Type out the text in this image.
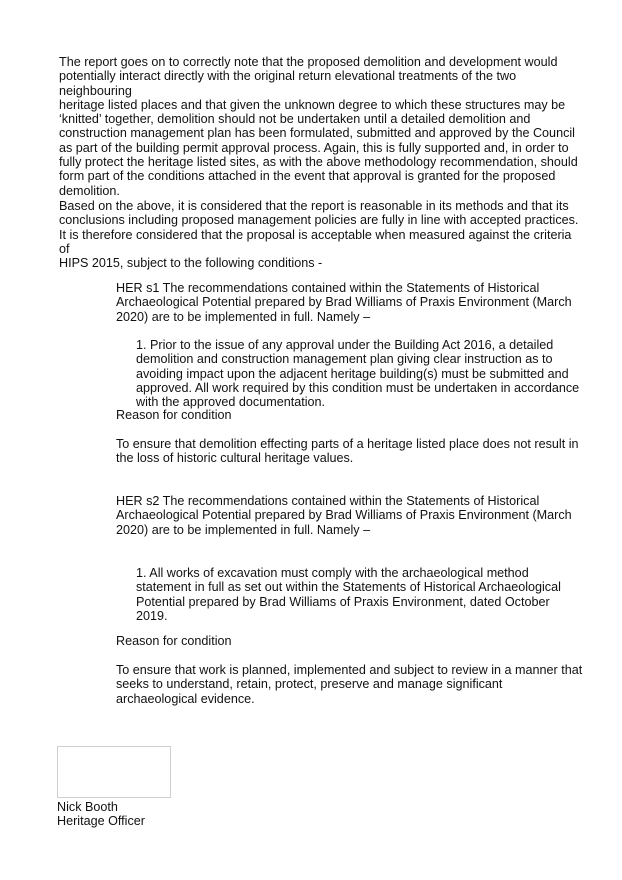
The report goes on to correctly note that the proposed demolition and development would
potentially interact directly with the original return elevational treatments of the two neighbouring
heritage listed places and that given the unknown degree to which these structures may be
‘knitted’ together, demolition should not be undertaken until a detailed demolition and
construction management plan has been formulated, submitted and approved by the Council
as part of the building permit approval process. Again, this is fully supported and, in order to
fully protect the heritage listed sites, as with the above methodology recommendation, should
form part of the conditions attached in the event that approval is granted for the proposed
demolition.

Based on the above, it is considered that the report is reasonable in its methods and that its
conclusions including proposed management policies are fully in line with accepted practices.
It is therefore considered that the proposal is acceptable when measured against the criteria of
HIPS 2015, subject to the following conditions -

HER s1 The recommendations contained within the Statements of Historical
Archaeological Potential prepared by Brad Williams of Praxis Environment (March
2020) are to be implemented in full. Namely –

1. Prior to the issue of any approval under the Building Act 2016, a detailed
demolition and construction management plan giving clear instruction as to
avoiding impact upon the adjacent heritage building(s) must be submitted and
approved. All work required by this condition must be undertaken in accordance
with the approved documentation.

Reason for condition

To ensure that demolition effecting parts of a heritage listed place does not result in
the loss of historic cultural heritage values.

HER s2 The recommendations contained within the Statements of Historical
Archaeological Potential prepared by Brad Williams of Praxis Environment (March
2020) are to be implemented in full. Namely –

1. All works of excavation must comply with the archaeological method
statement in full as set out within the Statements of Historical Archaeological
Potential prepared by Brad Williams of Praxis Environment, dated October
2019.

Reason for condition

To ensure that work is planned, implemented and subject to review in a manner that
seeks to understand, retain, protect, preserve and manage significant
archaeological evidence.

Nick Booth

Heritage Officer
